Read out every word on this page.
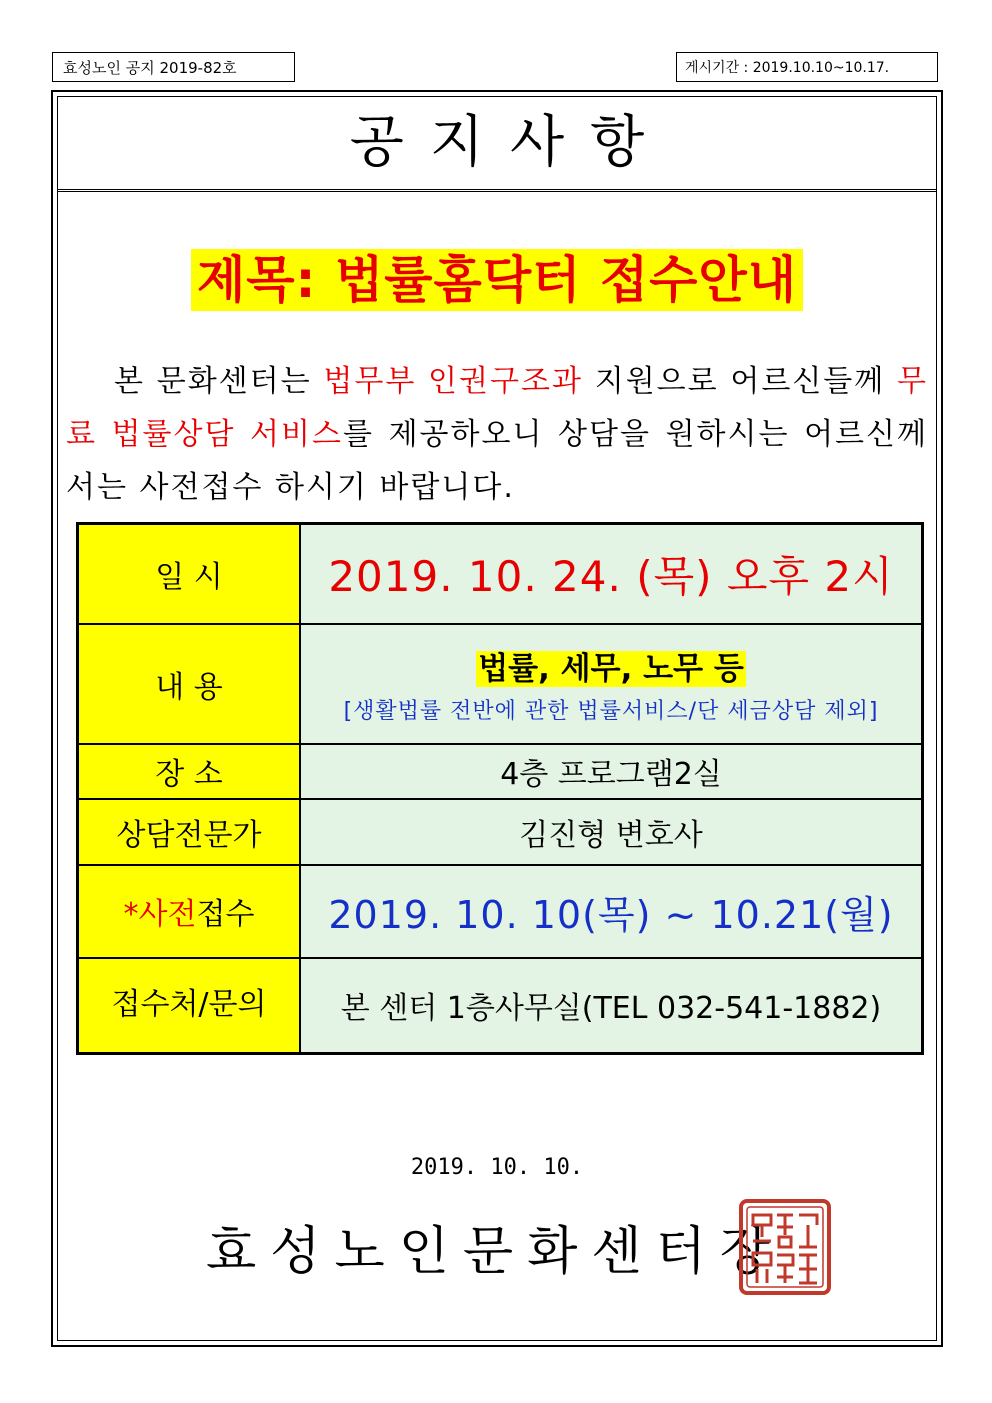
효성노인 공지 2019-82호	게시기간 : 2019.10.10~10.17.
공지사항
제목: 법률홈닥터 접수안내
본 문화센터는 법무부 인권구조과 지원으로 어르신들께 무료 법률상담 서비스를 제공하오니 상담을 원하시는 어르신께서는 사전접수 하시기 바랍니다.
일 시	2019. 10. 24. (목) 오후 2시
내 용	법률, 세무, 노무 등
[생활법률 전반에 관한 법률서비스/단 세금상담 제외]

장 소	4층 프로그램2실
상담전문가	김진형 변호사
*사전접수	2019. 10. 10(목) ~ 10.21(월)
접수처/문의	본 센터 1층사무실(TEL 032-541-1882)
2019. 10. 10.
효성노인문화센터장
